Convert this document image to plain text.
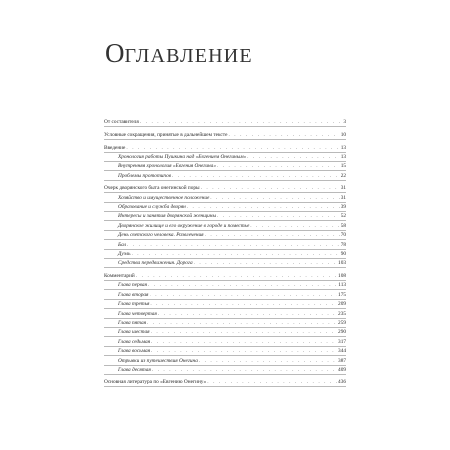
ОГЛАВЛЕНИЕ
От составителя . . .	3
Условные сокращения, принятые в дальнейшем тексте . . .	10
Введение . . .	13
Хронология работы Пушкина над «Евгением Онегиным» . . .	13
Внутренняя хронология «Евгения Онегина» . . .	15
Проблемы прототипов . . .	22
Очерк дворянского быта онегинской поры . . .	31
Хозяйство и имущественное положение . . .	31
Образование и служба дворян . . .	39
Интересы и занятия дворянской женщины . . .	52
Дворянское жилище и его окружение в городе и поместье . . .	58
День светского человека. Развлечения . . .	70
Бал . . .	78
Дуэль . . .	90
Средства передвижения. Дорога . . .	103
Комментарий . . .	108
Глава первая . . .	113
Глава вторая . . .	175
Глава третья . . .	209
Глава четвертая . . .	235
Глава пятая . . .	259
Глава шестая . . .	290
Глава седьмая . . .	317
Глава восьмая . . .	344
Отрывки из путешествия Онегина . . .	387
Глава десятая . . .	409
Основная литература по «Евгению Онегину» . . .	436
